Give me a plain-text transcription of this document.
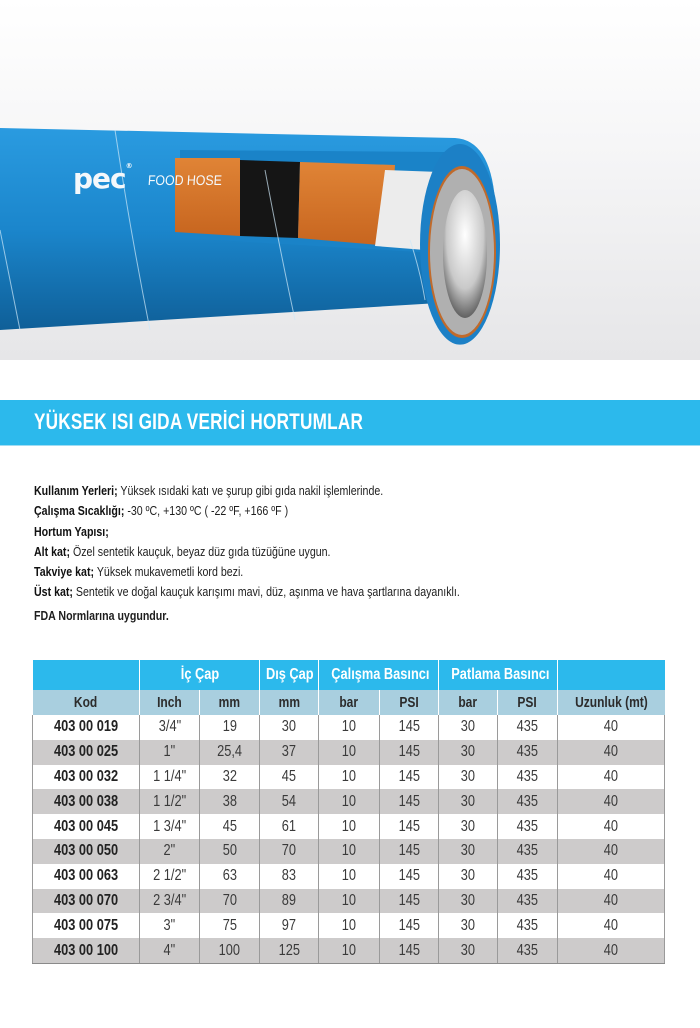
pec®
FOOD HOSE
YÜKSEK ISI GIDA VERİCİ HORTUMLAR
Kullanım Yerleri; Yüksek ısıdaki katı ve şurup gibi gıda nakil işlemlerinde.
Çalışma Sıcaklığı; -30 ºC, +130 ºC ( -22 ºF, +166 ºF )
Hortum Yapısı;
Alt kat; Özel sentetik kauçuk, beyaz düz gıda tüzüğüne uygun.
Takviye kat; Yüksek mukavemetli kord bezi.
Üst kat; Sentetik ve doğal kauçuk karışımı mavi, düz, aşınma ve hava şartlarına dayanıklı.
FDA Normlarına uygundur.
	İç Çap		Dış Çap	Çalışma Basıncı		Patlama Basıncı		
Kod	Inch	mm	mm	bar	PSI	bar	PSI	Uzunluk (mt)
403 00 019	3/4"	19	30	10	145	30	435	40
403 00 025	1"	25,4	37	10	145	30	435	40
403 00 032	1 1/4"	32	45	10	145	30	435	40
403 00 038	1 1/2"	38	54	10	145	30	435	40
403 00 045	1 3/4"	45	61	10	145	30	435	40
403 00 050	2"	50	70	10	145	30	435	40
403 00 063	2 1/2"	63	83	10	145	30	435	40
403 00 070	2 3/4"	70	89	10	145	30	435	40
403 00 075	3"	75	97	10	145	30	435	40
403 00 100	4"	100	125	10	145	30	435	40
